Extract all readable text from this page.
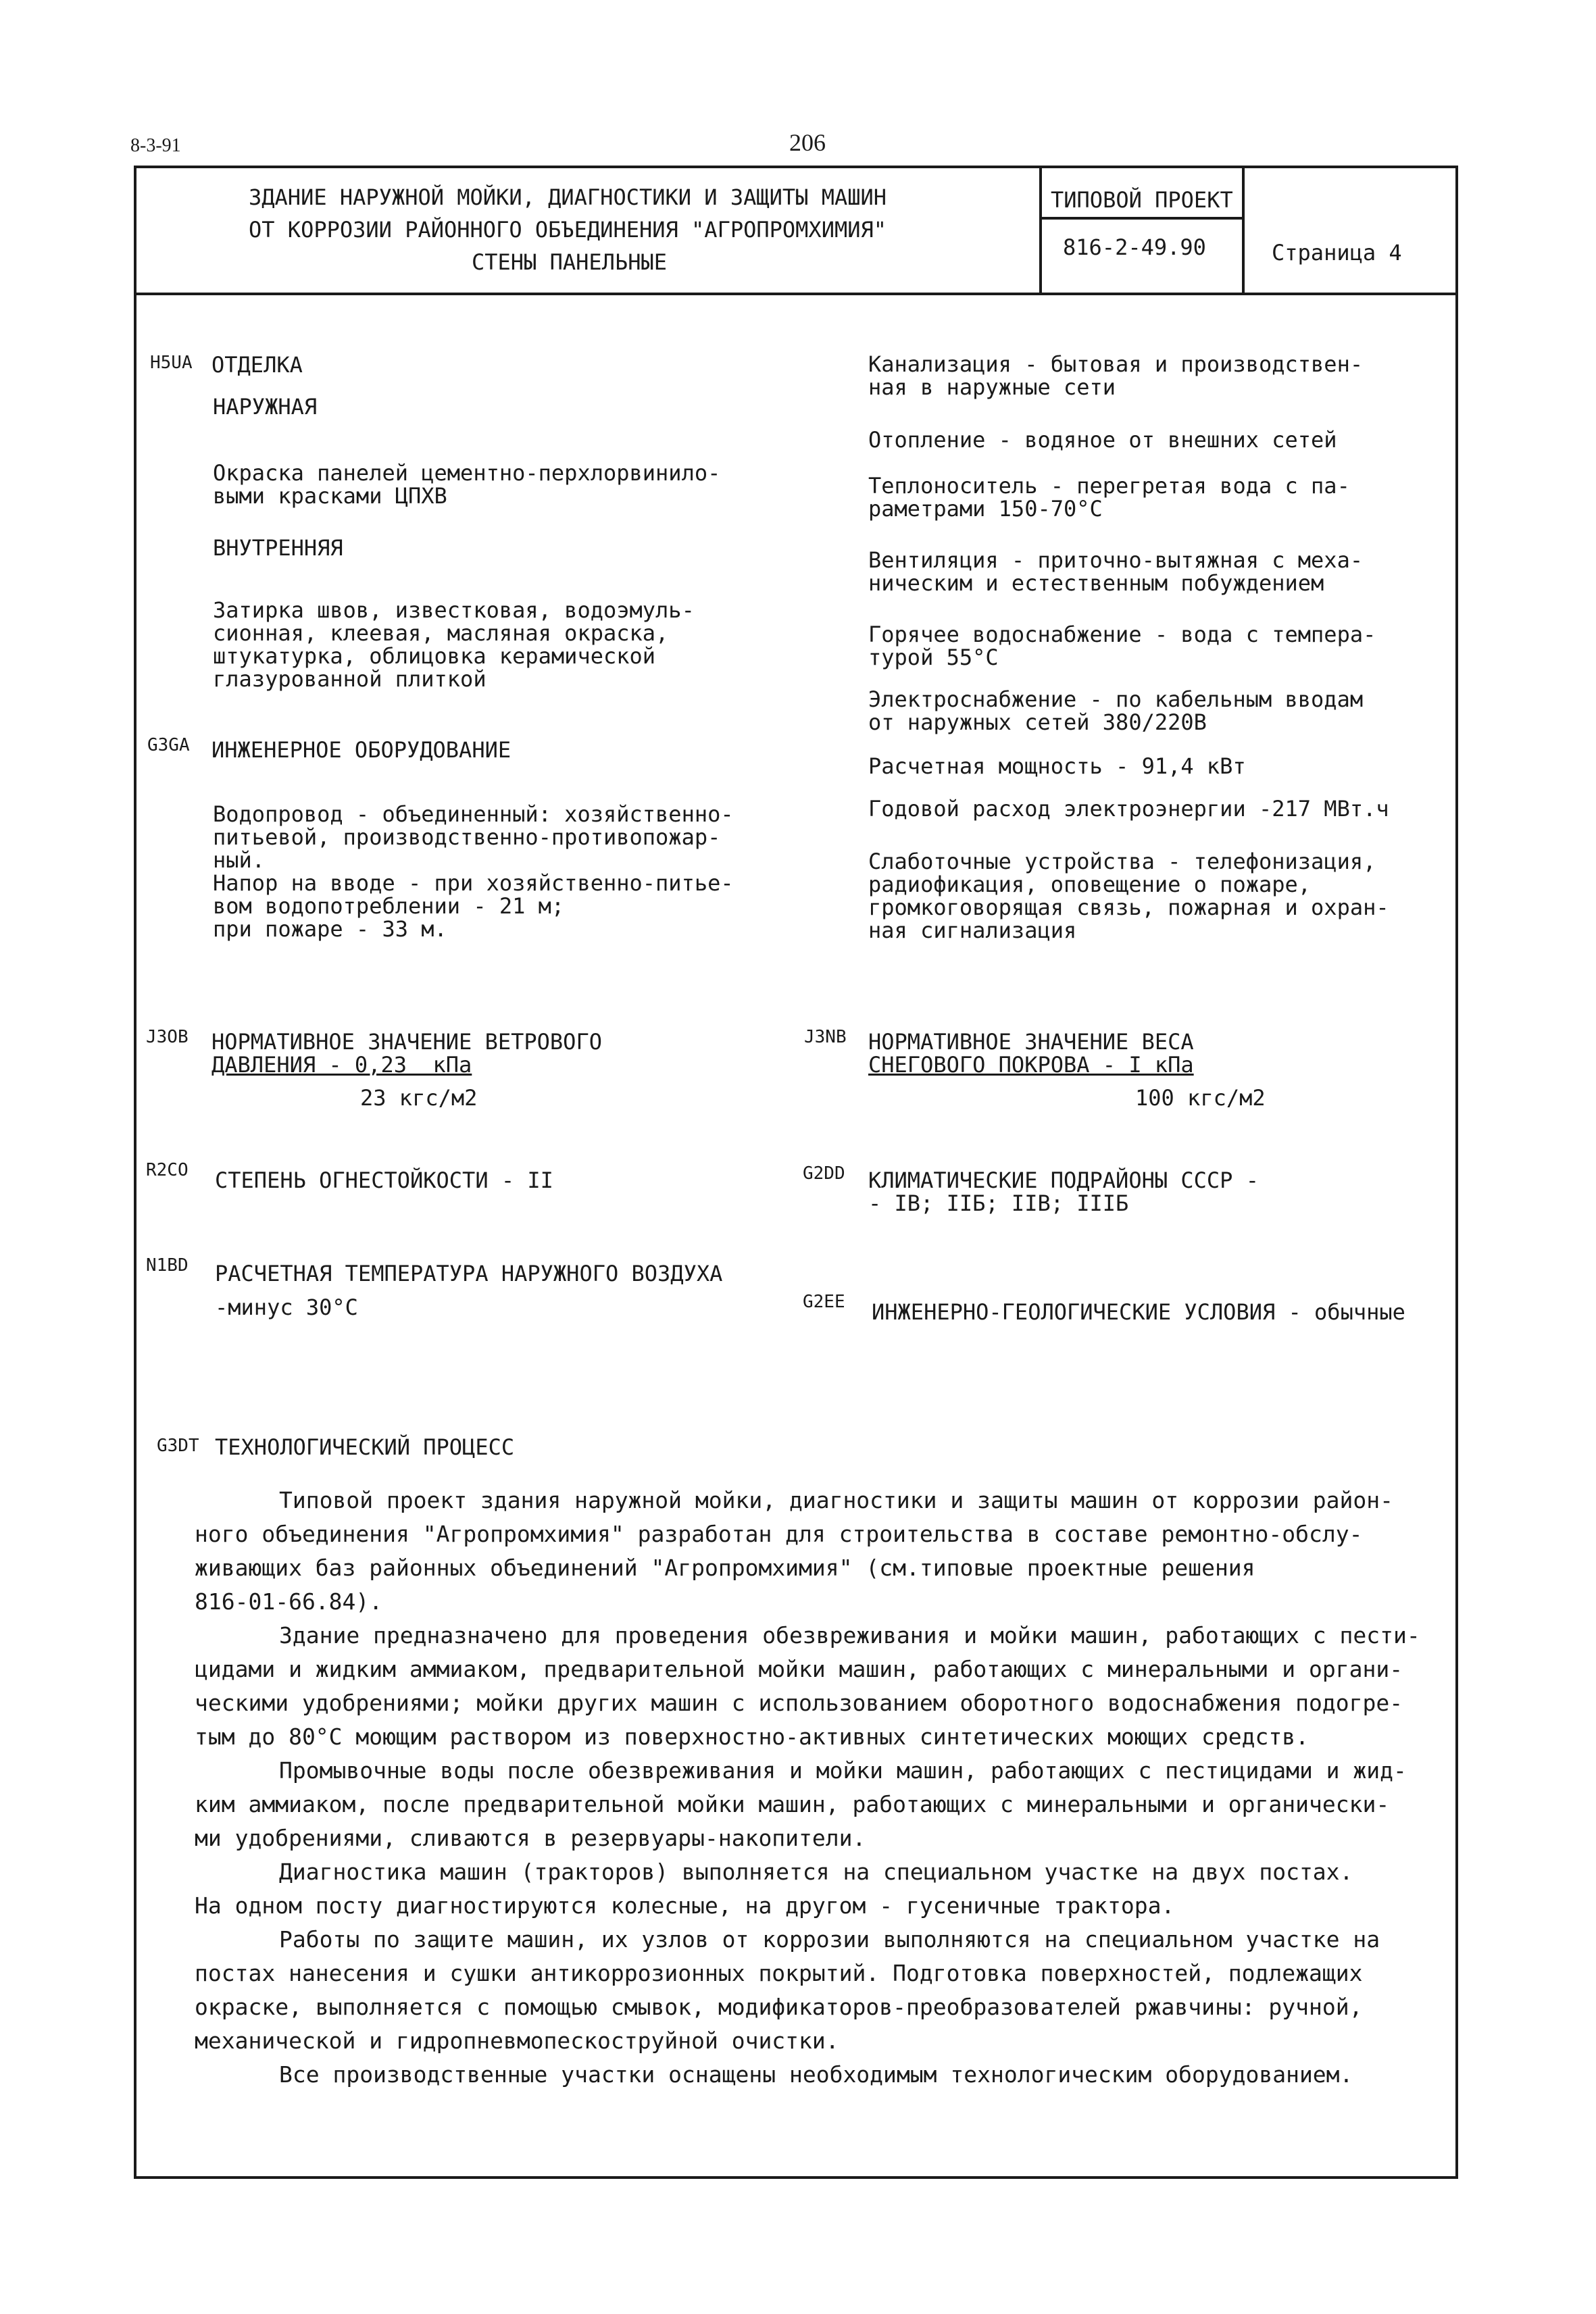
8-3-91	206
ЗДАНИЕ НАРУЖНОЙ МОЙКИ, ДИАГНОСТИКИ И ЗАЩИТЫ МАШИН
ОТ КОРРОЗИИ РАЙОННОГО ОБЪЕДИНЕНИЯ "АГРОПРОМХИМИЯ"
СТЕНЫ ПАНЕЛЬНЫЕ
ТИПОВОЙ ПРОЕКТ
816-2-49.90	Страница 4
H5UA ОТДЕЛКА
НАРУЖНАЯ
Окраска панелей цементно-перхлорвинило-
выми красками ЦПХВ
ВНУТРЕННЯЯ
Затирка швов, известковая, водоэмуль-
сионная, клеевая, масляная окраска,
штукатурка, облицовка керамической
глазурованной плиткой
G3GA ИНЖЕНЕРНОЕ ОБОРУДОВАНИЕ
Водопровод - объединенный: хозяйственно-
питьевой, производственно-противопожар-
ный.
Напор на вводе - при хозяйственно-питье-
вом водопотреблении - 21 м;
при пожаре - 33 м.
Канализация - бытовая и производствен-
ная в наружные сети
Отопление - водяное от внешних сетей
Теплоноситель - перегретая вода с па-
раметрами 150-70°С
Вентиляция - приточно-вытяжная с меха-
ническим и естественным побуждением
Горячее водоснабжение - вода с темпера-
турой 55°С
Электроснабжение - по кабельным вводам
от наружных сетей 380/220В
Расчетная мощность - 91,4 кВт
Годовой расход электроэнергии -217 МВт.ч
Слаботочные устройства - телефонизация,
радиофикация, оповещение о пожаре,
громкоговорящая связь, пожарная и охран-
ная сигнализация
J3OB НОРМАТИВНОЕ ЗНАЧЕНИЕ ВЕТРОВОГО
ДАВЛЕНИЯ - 0,23  кПа
23 кгс/м2
J3NB НОРМАТИВНОЕ ЗНАЧЕНИЕ ВЕСА
СНЕГОВОГО ПОКРОВА - I кПа
100 кгс/м2
R2CO СТЕПЕНЬ ОГНЕСТОЙКОСТИ - II	G2DD КЛИМАТИЧЕСКИЕ ПОДРАЙОНЫ СССР -
- IВ; IIБ; IIВ; IIIБ
N1BD РАСЧЕТНАЯ ТЕМПЕРАТУРА НАРУЖНОГО ВОЗДУХА
-минус 30°С	G2EE ИНЖЕНЕРНО-ГЕОЛОГИЧЕСКИЕ УСЛОВИЯ - обычные
G3DT ТЕХНОЛОГИЧЕСКИЙ ПРОЦЕСС
Типовой проект здания наружной мойки, диагностики и защиты машин от коррозии район-
ного объединения "Агропромхимия" разработан для строительства в составе ремонтно-обслу-
живающих баз районных объединений "Агропромхимия" (см.типовые проектные решения
816-01-66.84).
Здание предназначено для проведения обезвреживания и мойки машин, работающих с пести-
цидами и жидким аммиаком, предварительной мойки машин, работающих с минеральными и органи-
ческими удобрениями; мойки других машин с использованием оборотного водоснабжения подогре-
тым до 80°С моющим раствором из поверхностно-активных синтетических моющих средств.
Промывочные воды после обезвреживания и мойки машин, работающих с пестицидами и жид-
ким аммиаком, после предварительной мойки машин, работающих с минеральными и органически-
ми удобрениями, сливаются в резервуары-накопители.
Диагностика машин (тракторов) выполняется на специальном участке на двух постах.
На одном посту диагностируются колесные, на другом - гусеничные трактора.
Работы по защите машин, их узлов от коррозии выполняются на специальном участке на
постах нанесения и сушки антикоррозионных покрытий. Подготовка поверхностей, подлежащих
окраске, выполняется с помощью смывок, модификаторов-преобразователей ржавчины: ручной,
механической и гидропневмопескоструйной очистки.
Все производственные участки оснащены необходимым технологическим оборудованием.
